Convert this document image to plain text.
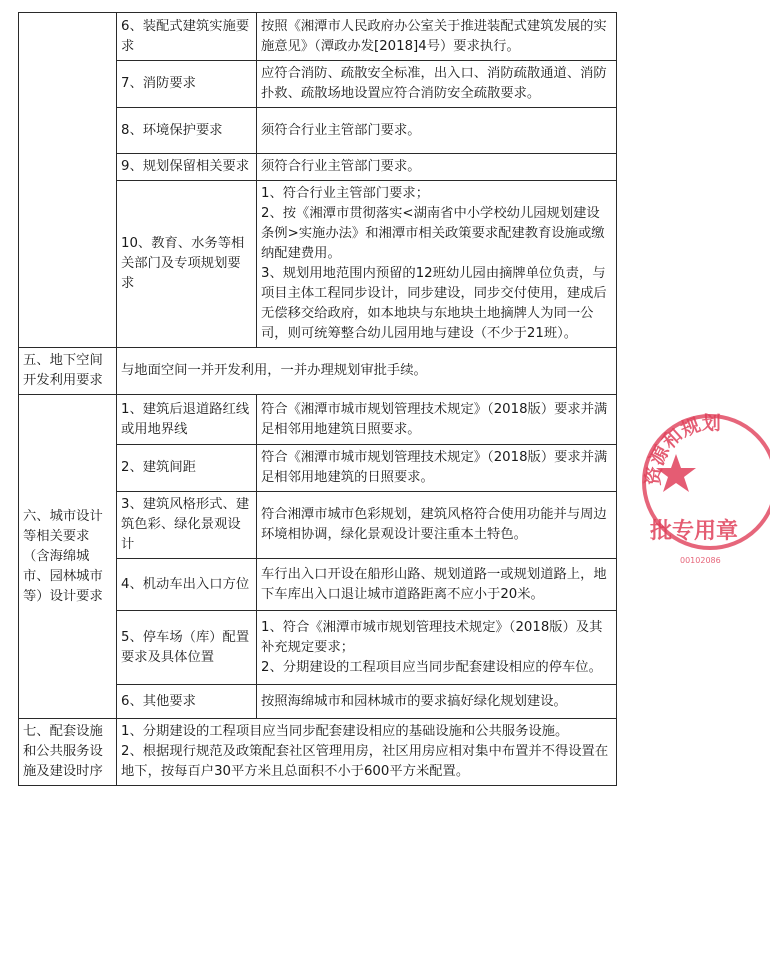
	6、装配式建筑实施要求	按照《湘潭市人民政府办公室关于推进装配式建筑发展的实施意见》（潭政办发[2018]4号）要求执行。

	7、消防要求	应符合消防、疏散安全标准，出入口、消防疏散通道、消防扑救、疏散场地设置应符合消防安全疏散要求。

	8、环境保护要求	须符合行业主管部门要求。

	9、规划保留相关要求	须符合行业主管部门要求。

	10、教育、水务等相关部门及专项规划要求	1、符合行业主管部门要求；
2、按《湘潭市贯彻落实<湖南省中小学校幼儿园规划建设条例>实施办法》和湘潭市相关政策要求配建教育设施或缴纳配建费用。
3、规划用地范围内预留的12班幼儿园由摘牌单位负责，与项目主体工程同步设计，同步建设，同步交付使用，建成后无偿移交给政府，如本地块与东地块土地摘牌人为同一公司，则可统筹整合幼儿园用地与建设（不少于21班）。

五、地下空间开发利用要求	与地面空间一并开发利用，一并办理规划审批手续。	

六、城市设计等相关要求（含海绵城市、园林城市等）设计要求	1、建筑后退道路红线或用地界线	符合《湘潭市城市规划管理技术规定》（2018版）要求并满足相邻用地建筑日照要求。

	2、建筑间距	符合《湘潭市城市规划管理技术规定》（2018版）要求并满足相邻用地建筑的日照要求。

	3、建筑风格形式、建筑色彩、绿化景观设计	符合湘潭市城市色彩规划，建筑风格符合使用功能并与周边环境相协调，绿化景观设计要注重本土特色。

	4、机动车出入口方位	车行出入口开设在船形山路、规划道路一或规划道路上，地下车库出入口退让城市道路距离不应小于20米。

	5、停车场（库）配置要求及具体位置	1、符合《湘潭市城市规划管理技术规定》（2018版）及其补充规定要求；
2、分期建设的工程项目应当同步配套建设相应的停车位。

	6、其他要求	按照海绵城市和园林城市的要求搞好绿化规划建设。

七、配套设施和公共服务设施及建设时序	1、分期建设的工程项目应当同步配套建设相应的基础设施和公共服务设施。
2、根据现行规范及政策配套社区管理用房，社区用房应相对集中布置并不得设置在地下，按每百户30平方米且总面积不小于600平方米配置。	
资源和规划
批专用章
00102086
